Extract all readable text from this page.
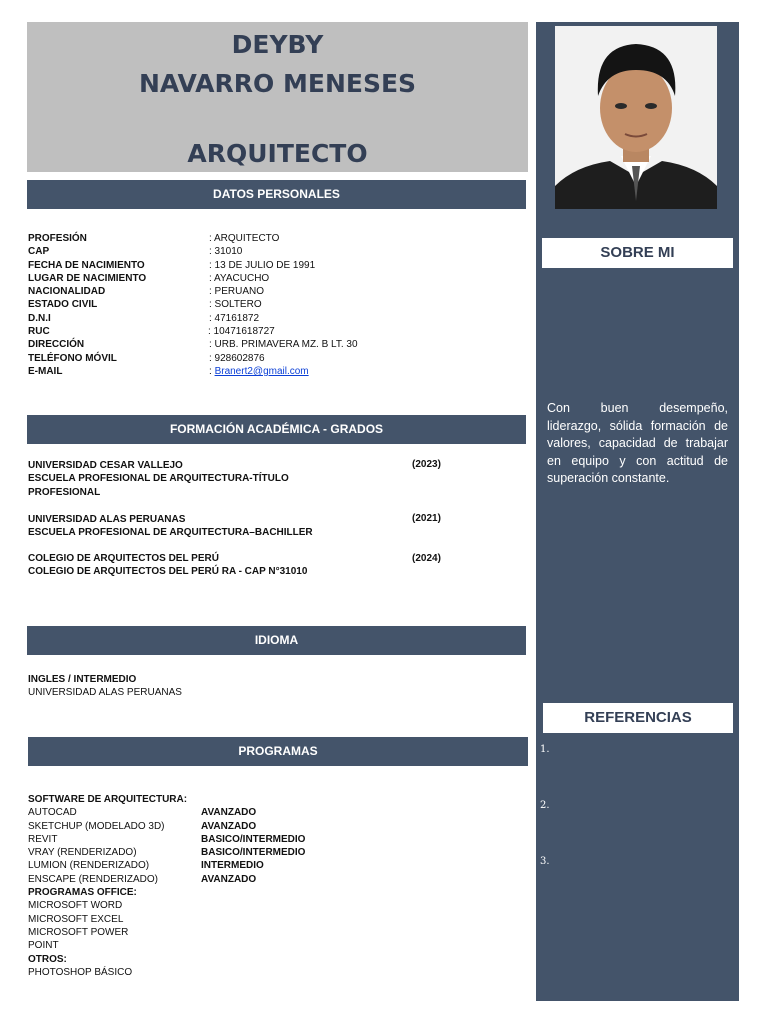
DEYBY
NAVARRO MENESES
ARQUITECTO
SOBRE MI
Con buen desempeño, liderazgo, sólida formación de valores, capacidad de trabajar en equipo y con actitud de superación constante.
REFERENCIAS
1.
2.
3.
DATOS PERSONALES
PROFESIÓN	: ARQUITECTO
CAP	: 31010
FECHA DE NACIMIENTO	: 13 DE JULIO DE 1991
LUGAR DE NACIMIENTO	: AYACUCHO
NACIONALIDAD	: PERUANO
ESTADO CIVIL	: SOLTERO
D.N.I	: 47161872
RUC	: 10471618727
DIRECCIÓN	: URB. PRIMAVERA MZ. B LT. 30
TELÉFONO MÓVIL	: 928602876
E-MAIL	: Branert2@gmail.com
FORMACIÓN ACADÉMICA - GRADOS
UNIVERSIDAD CESAR VALLEJO
ESCUELA PROFESIONAL DE ARQUITECTURA-TÍTULO
PROFESIONAL
(2023)
UNIVERSIDAD ALAS PERUANAS
ESCUELA PROFESIONAL DE ARQUITECTURA–BACHILLER
(2021)
COLEGIO DE ARQUITECTOS DEL PERÚ
COLEGIO DE ARQUITECTOS DEL PERÚ RA - CAP N°31010
(2024)
IDIOMA
INGLES / INTERMEDIO
UNIVERSIDAD ALAS PERUANAS
PROGRAMAS
SOFTWARE DE ARQUITECTURA:
AUTOCAD	AVANZADO
SKETCHUP (MODELADO 3D)	AVANZADO
REVIT	BASICO/INTERMEDIO
VRAY (RENDERIZADO)	BASICO/INTERMEDIO
LUMION (RENDERIZADO)	INTERMEDIO
ENSCAPE (RENDERIZADO)	AVANZADO
PROGRAMAS OFFICE:
MICROSOFT WORD
MICROSOFT EXCEL
MICROSOFT POWER
POINT
OTROS:
PHOTOSHOP BÁSICO
